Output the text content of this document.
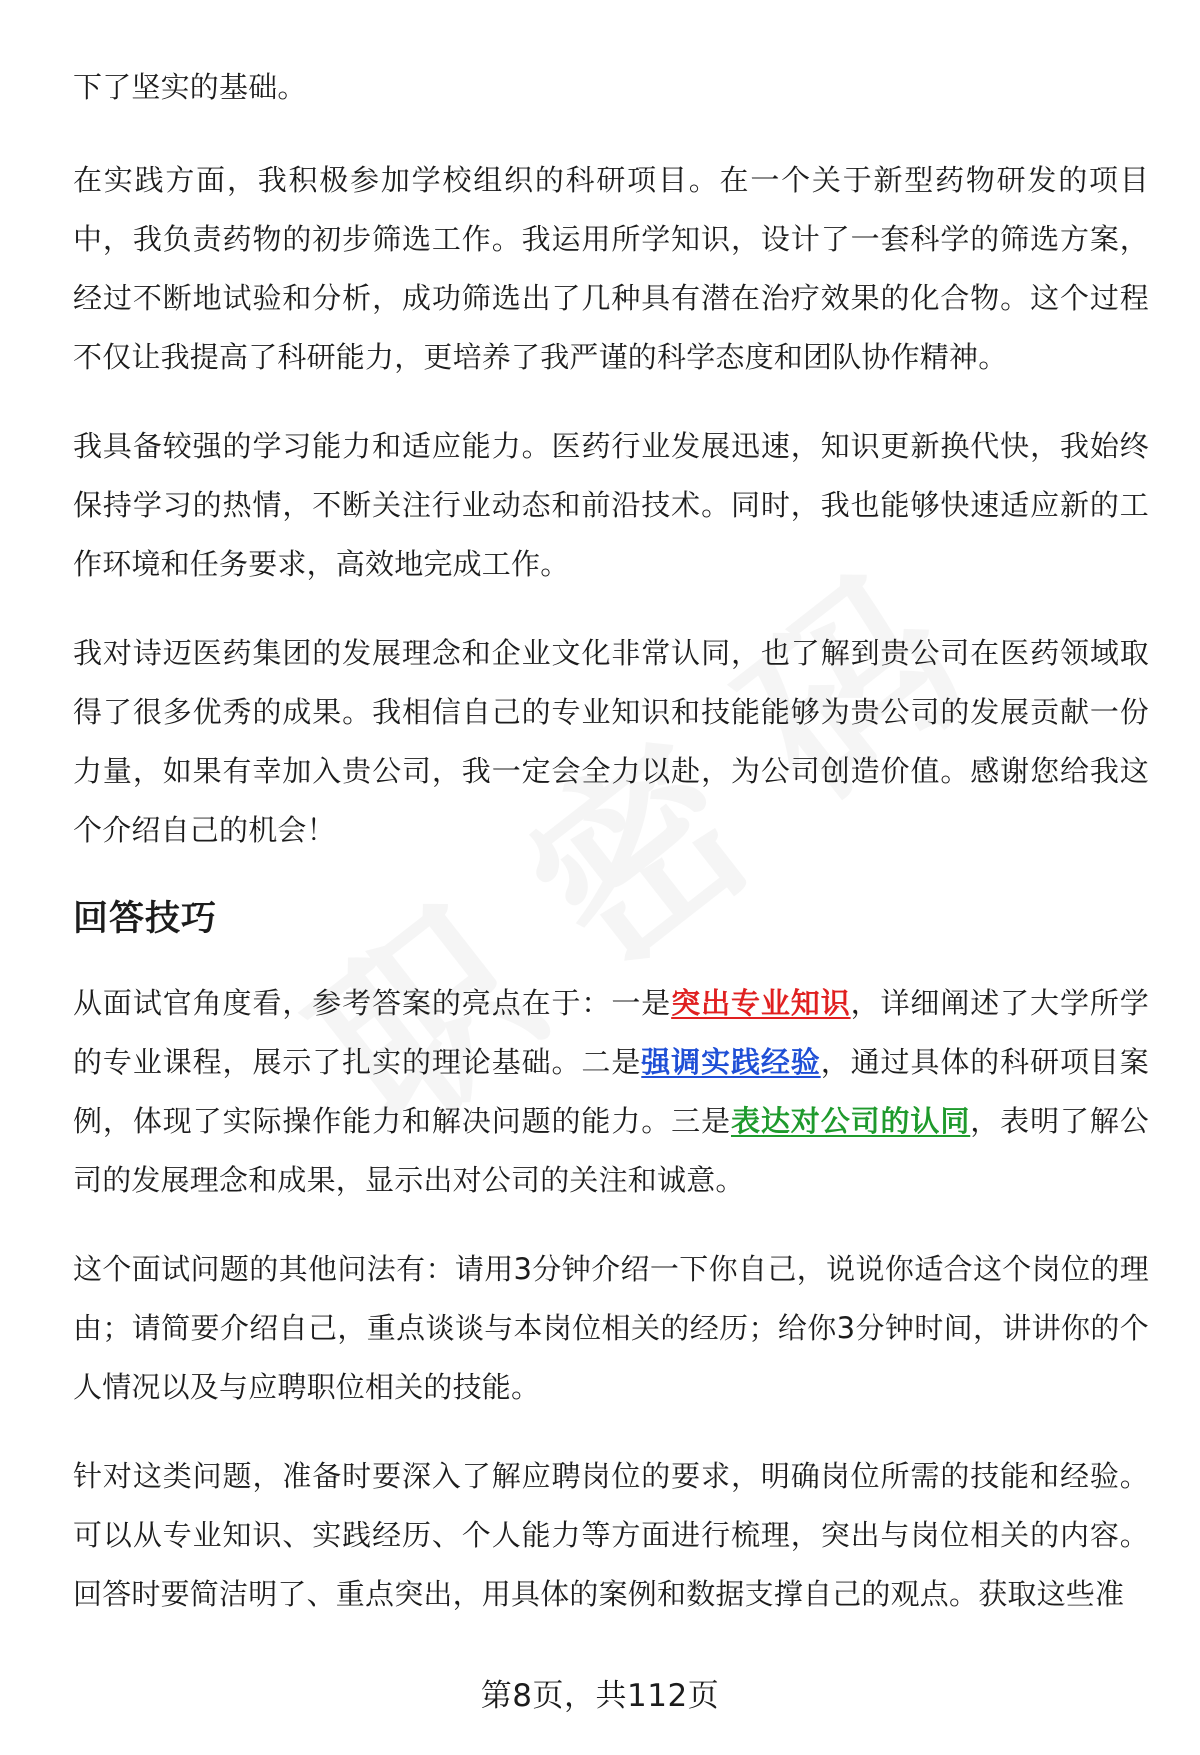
下了坚实的基础。

在实践方面，我积极参加学校组织的科研项目。在一个关于新型药物研发的项目中，我负责药物的初步筛选工作。我运用所学知识，设计了一套科学的筛选方案，经过不断地试验和分析，成功筛选出了几种具有潜在治疗效果的化合物。这个过程不仅让我提高了科研能力，更培养了我严谨的科学态度和团队协作精神。

我具备较强的学习能力和适应能力。医药行业发展迅速，知识更新换代快，我始终保持学习的热情，不断关注行业动态和前沿技术。同时，我也能够快速适应新的工作环境和任务要求，高效地完成工作。

我对诗迈医药集团的发展理念和企业文化非常认同，也了解到贵公司在医药领域取得了很多优秀的成果。我相信自己的专业知识和技能能够为贵公司的发展贡献一份力量，如果有幸加入贵公司，我一定会全力以赴，为公司创造价值。感谢您给我这个介绍自己的机会！

回答技巧

从面试官角度看，参考答案的亮点在于：一是突出专业知识，详细阐述了大学所学的专业课程，展示了扎实的理论基础。二是强调实践经验，通过具体的科研项目案例，体现了实际操作能力和解决问题的能力。三是表达对公司的认同，表明了解公司的发展理念和成果，显示出对公司的关注和诚意。

这个面试问题的其他问法有：请用3分钟介绍一下你自己，说说你适合这个岗位的理由；请简要介绍自己，重点谈谈与本岗位相关的经历；给你3分钟时间，讲讲你的个人情况以及与应聘职位相关的技能。

针对这类问题，准备时要深入了解应聘岗位的要求，明确岗位所需的技能和经验。可以从专业知识、实践经历、个人能力等方面进行梳理，突出与岗位相关的内容。回答时要简洁明了、重点突出，用具体的案例和数据支撑自己的观点。获取这些准

第8页，共112页
